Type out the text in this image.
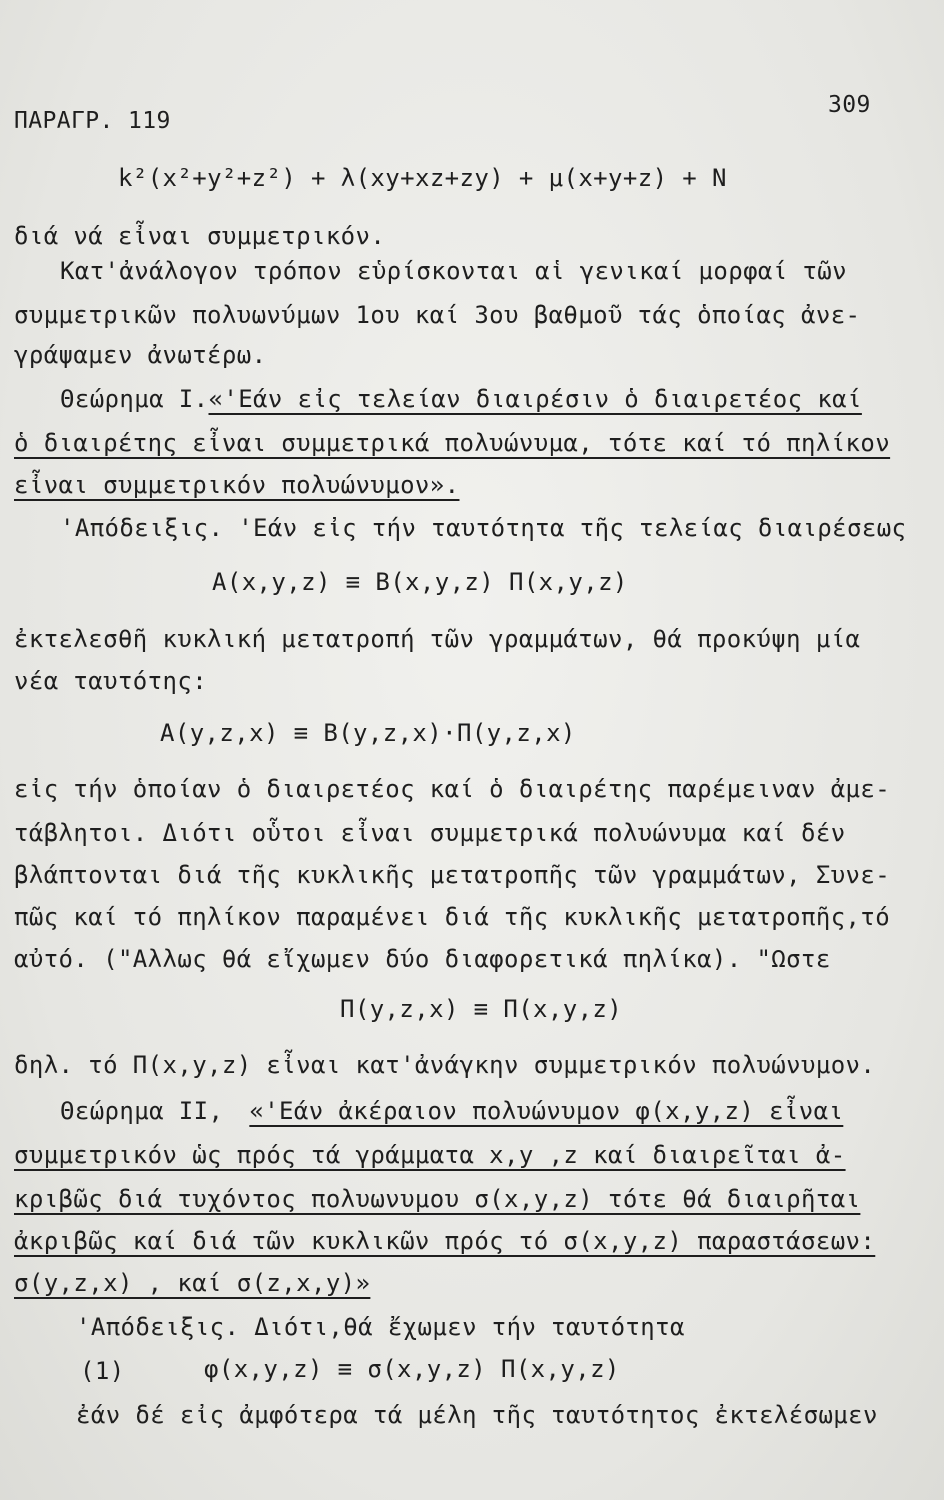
ΠΑΡΑΓΡ. 119
309
k²(x²+y²+z²) + λ(xy+xz+zy) + μ(x+y+z) + N
διά νά εἶναι συμμετρικόν.
Κατ'ἀνάλογον τρόπον εὑρίσκονται αἱ γενικαί μορφαί τῶν
συμμετρικῶν πολυωνύμων 1ου καί 3ου βαθμοῦ τάς ὁποίας ἀνε-
γράψαμεν ἀνωτέρω.
Θεώρημα Ι.«'Εάν εἰς τελείαν διαιρέσιν ὁ διαιρετέος καί
ὁ διαιρέτης εἶναι συμμετρικά πολυώνυμα, τότε καί τό πηλίκον
εἶναι συμμετρικόν πολυώνυμον».
'Απόδειξις. 'Εάν εἰς τήν ταυτότητα τῆς τελείας διαιρέσεως
Α(x,y,z) ≡ Β(x,y,z) Π(x,y,z)
ἐκτελεσθῆ κυκλική μετατροπή τῶν γραμμάτων, θά προκύψη μία
νέα ταυτότης:
Α(y,z,x) ≡ Β(y,z,x)·Π(y,z,x)
εἰς τήν ὁποίαν ὁ διαιρετέος καί ὁ διαιρέτης παρέμειναν ἀμε-
τάβλητοι. Διότι οὗτοι εἶναι συμμετρικά πολυώνυμα καί δέν
βλάπτονται διά τῆς κυκλικῆς μετατροπῆς τῶν γραμμάτων, Συνε-
πῶς καί τό πηλίκον παραμένει διά τῆς κυκλικῆς μετατροπῆς,τό
αὐτό. ("Αλλως θά εἴχωμεν δύο διαφορετικά πηλίκα). "Ωστε
Π(y,z,x) ≡ Π(x,y,z)
δηλ. τό Π(x,y,z) εἶναι κατ'ἀνάγκην συμμετρικόν πολυώνυμον.
Θεώρημα ΙΙ, «'Εάν ἀκέραιον πολυώνυμον φ(x,y,z) εἶναι
συμμετρικόν ὡς πρός τά γράμματα x,y ,z καί διαιρεῖται ἀ-
κριβῶς διά τυχόντος πολυωνυμου σ(x,y,z) τότε θά διαιρῆται
ἀκριβῶς καί διά τῶν κυκλικῶν πρός τό σ(x,y,z) παραστάσεων:
σ(y,z,x) , καί σ(z,x,y)»
'Απόδειξις. Διότι,θά ἔχωμεν τήν ταυτότητα
(1)	φ(x,y,z) ≡ σ(x,y,z) Π(x,y,z)
ἐάν δέ εἰς ἀμφότερα τά μέλη τῆς ταυτότητος ἐκτελέσωμεν
